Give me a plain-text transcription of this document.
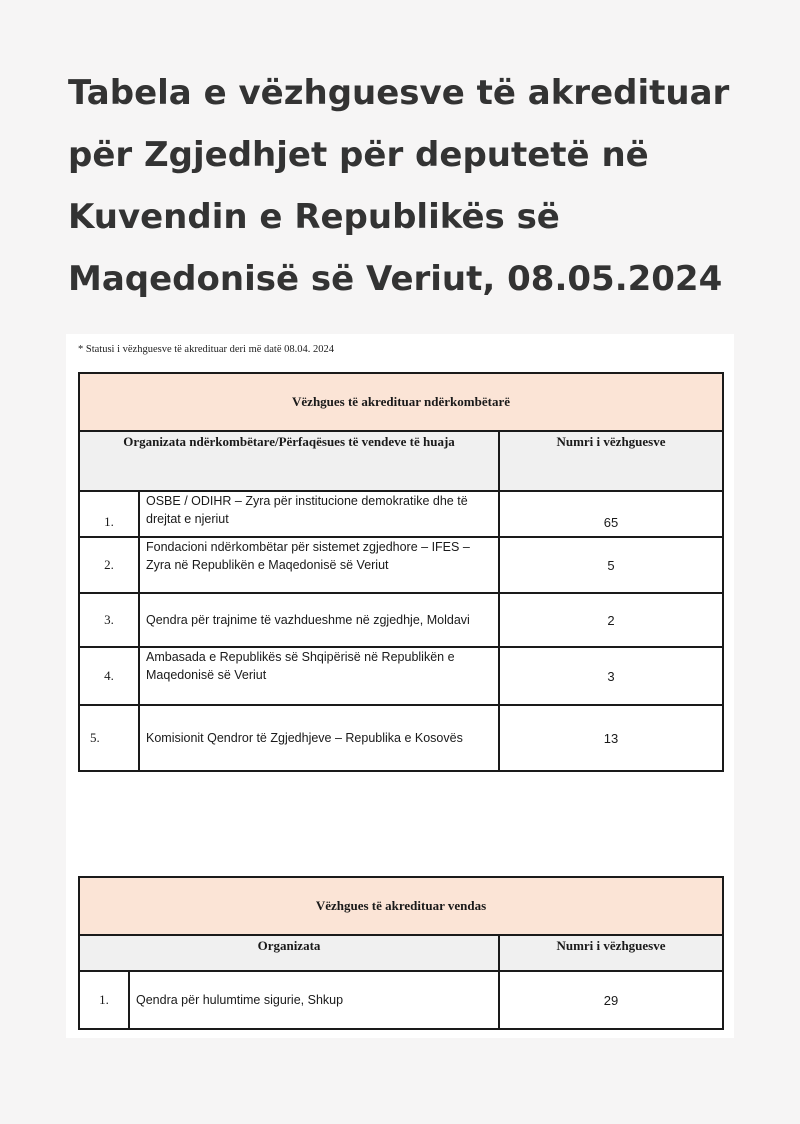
Tabela e vëzhguesve të akredituar për Zgjedhjet për deputetë në Kuvendin e Republikës së Maqedonisë së Veriut, 08.05.2024
* Statusi i vëzhguesve të akredituar deri më datë 08.04. 2024
Vëzhgues të akredituar ndërkombëtarë		
Organizata ndërkombëtare/Përfaqësues të vendeve të huaja		Numri i vëzhguesve
1.	OSBE / ODIHR – Zyra për institucione demokratike dhe të drejtat e njeriut	65
2.	Fondacioni ndërkombëtar për sistemet zgjedhore – IFES – Zyra në Republikën e Maqedonisë së Veriut	5
3.	Qendra për trajnime të vazhdueshme në zgjedhje, Moldavi	2
4.	Ambasada e Republikës së Shqipërisë në Republikën e Maqedonisë së Veriut	3
5.	Komisionit Qendror të Zgjedhjeve – Republika e Kosovës	13
Vëzhgues të akredituar vendas		
Organizata		Numri i vëzhguesve
1.	Qendra për hulumtime sigurie, Shkup	29
